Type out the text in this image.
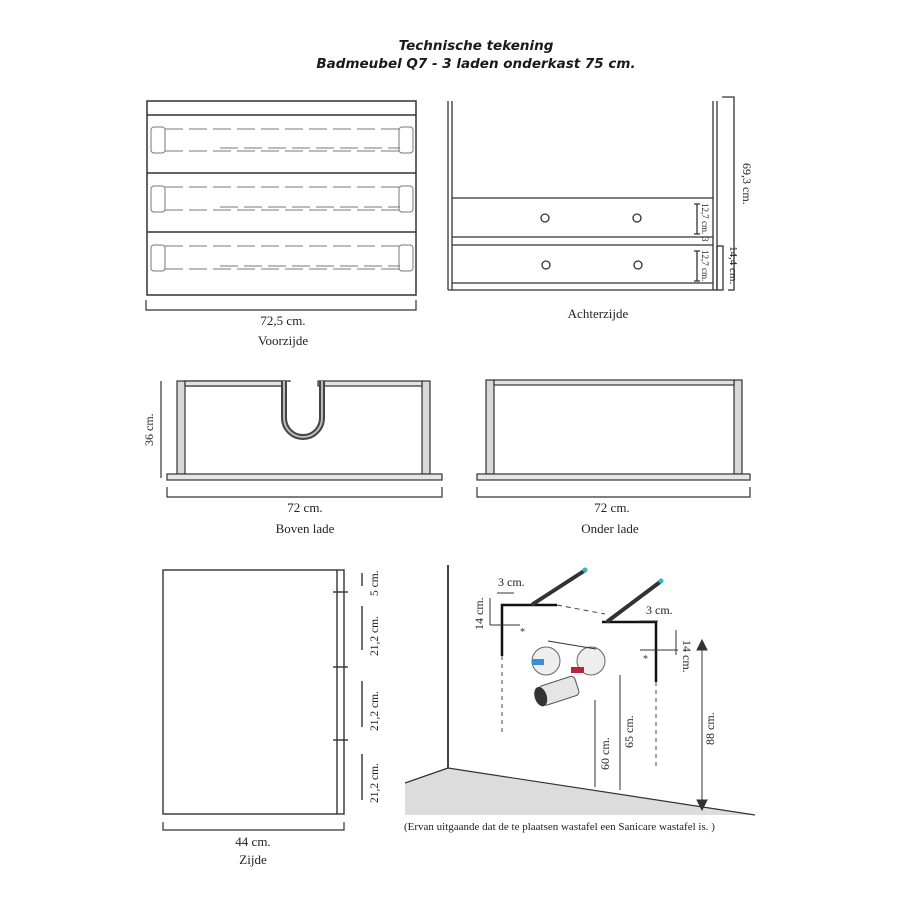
Technische tekening
Badmeubel Q7 - 3 laden onderkast 75 cm.
*
*
72,5 cm.
Voorzijde
Achterzijde
69,3 cm.
12,7 cm.
3
12,7 cm. 14,4 cm.
36 cm.
72 cm.
Boven lade
72 cm.
Onder lade
5 cm.
21,2 cm.
21,2 cm.
21,2 cm.
44 cm.
Zijde
3 cm.
14 cm.	3 cm.
14 cm.
60 cm.
65 cm.	88 cm.
(Ervan uitgaande dat de te plaatsen wastafel een Sanicare wastafel is. )
